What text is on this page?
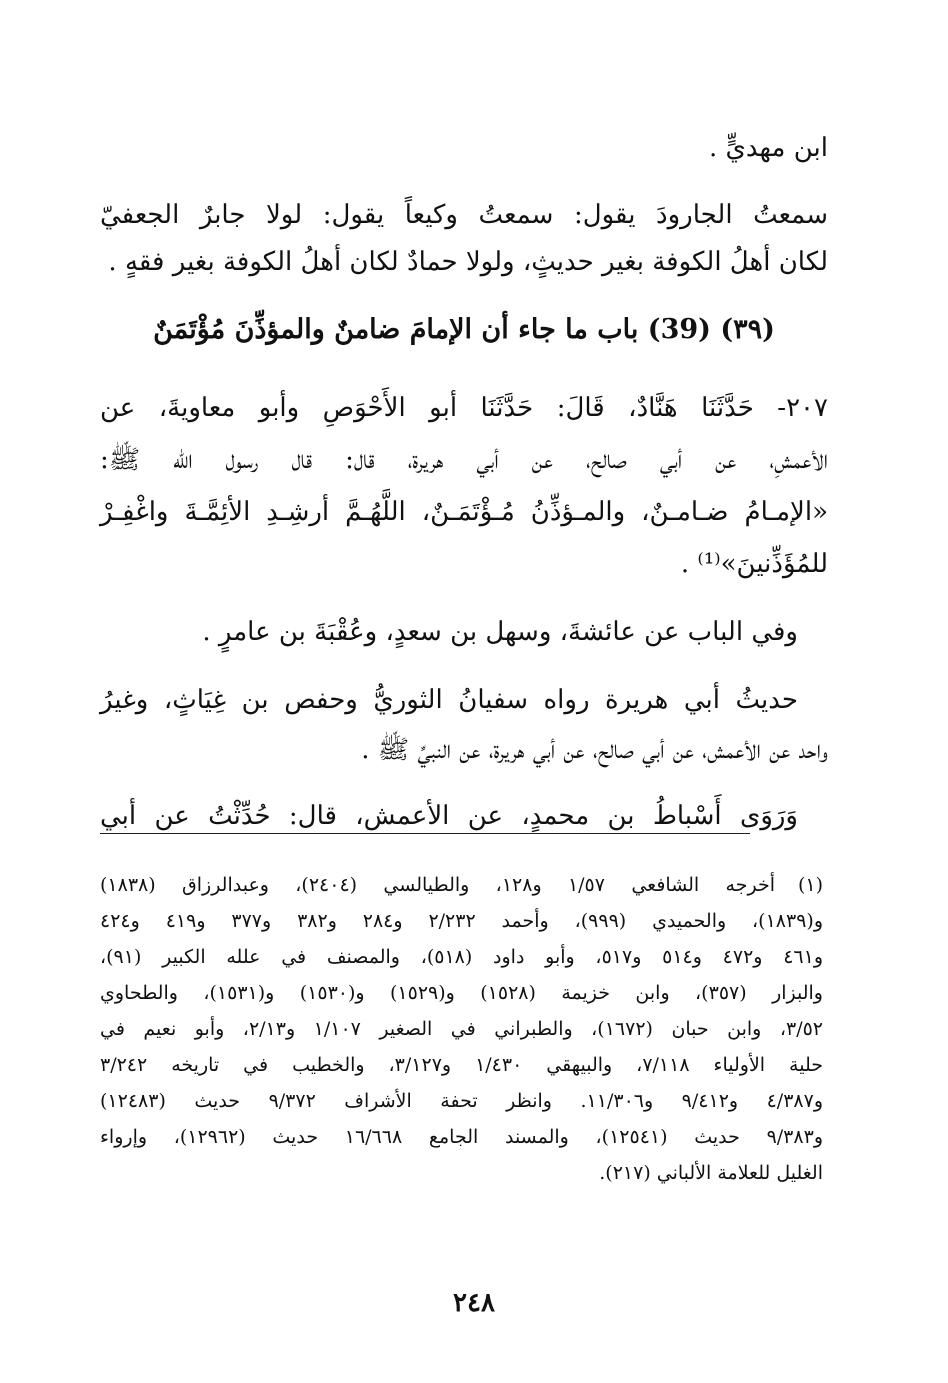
ابن مهديٍّ .
سمعتُ الجارودَ يقول: سمعتُ وكيعاً يقول: لولا جابرٌ الجعفيّ
لكان أهلُ الكوفة بغير حديثٍ، ولولا حمادٌ لكان أهلُ الكوفة بغير فقهٍ .
(٣٩) (39) باب ما جاء أن الإمامَ ضامنٌ والمؤذِّنَ مُؤْتَمَنٌ
٢٠٧- حَدَّثَنَا هَنَّادٌ، قَالَ: حَدَّثَنَا أبو الأَحْوَصِ وأبو معاويةَ، عن
الأعمشِ، عن أبي صالح، عن أبي هريرة، قال: قال رسول الله ﷺ:
«الإمـامُ ضـامـنٌ، والمـؤذِّنُ مُـؤْتَمَـنٌ، اللَّهُـمَّ أرشِـدِ الأئِمَّـةَ واغْفِـرْ
للمُؤَذِّنينَ»⁽¹⁾ .
وفي الباب عن عائشةَ، وسهل بن سعدٍ، وعُقْبَةَ بن عامرٍ .
حديثُ أبي هريرة رواه سفيانُ الثوريُّ وحفص بن غِيَاثٍ، وغيرُ
واحد عن الأعمش، عن أبي صالح، عن أبي هريرة، عن النبيِّ ﷺ .
وَرَوَى أَسْباطُ بن محمدٍ، عن الأعمش، قال: حُدِّثْتُ عن أبي
(١)
أخرجه الشافعي ١/٥٧ و١٢٨، والطيالسي (٢٤٠٤)، وعبدالرزاق (١٨٣٨)
و(١٨٣٩)، والحميدي (٩٩٩)، وأحمد ٢/٢٣٢ و٢٨٤ و٣٨٢ و٣٧٧ و٤١٩ و٤٢٤
و٤٦١ و٤٧٢ و٥١٤ و٥١٧، وأبو داود (٥١٨)، والمصنف في علله الكبير (٩١)،
والبزار (٣٥٧)، وابن خزيمة (١٥٢٨) و(١٥٢٩) و(١٥٣٠) و(١٥٣١)، والطحاوي
٣/٥٢، وابن حبان (١٦٧٢)، والطبراني في الصغير ١/١٠٧ و٢/١٣، وأبو نعيم في
حلية الأولياء ٧/١١٨، والبيهقي ١/٤٣٠ و٣/١٢٧، والخطيب في تاريخه ٣/٢٤٢
و٤/٣٨٧ و٩/٤١٢ و١١/٣٠٦. وانظر تحفة الأشراف ٩/٣٧٢ حديث (١٢٤٨٣)
و٩/٣٨٣ حديث (١٢٥٤١)، والمسند الجامع ١٦/٦٦٨ حديث (١٢٩٦٢)، وإرواء
الغليل للعلامة الألباني (٢١٧).
٢٤٨
